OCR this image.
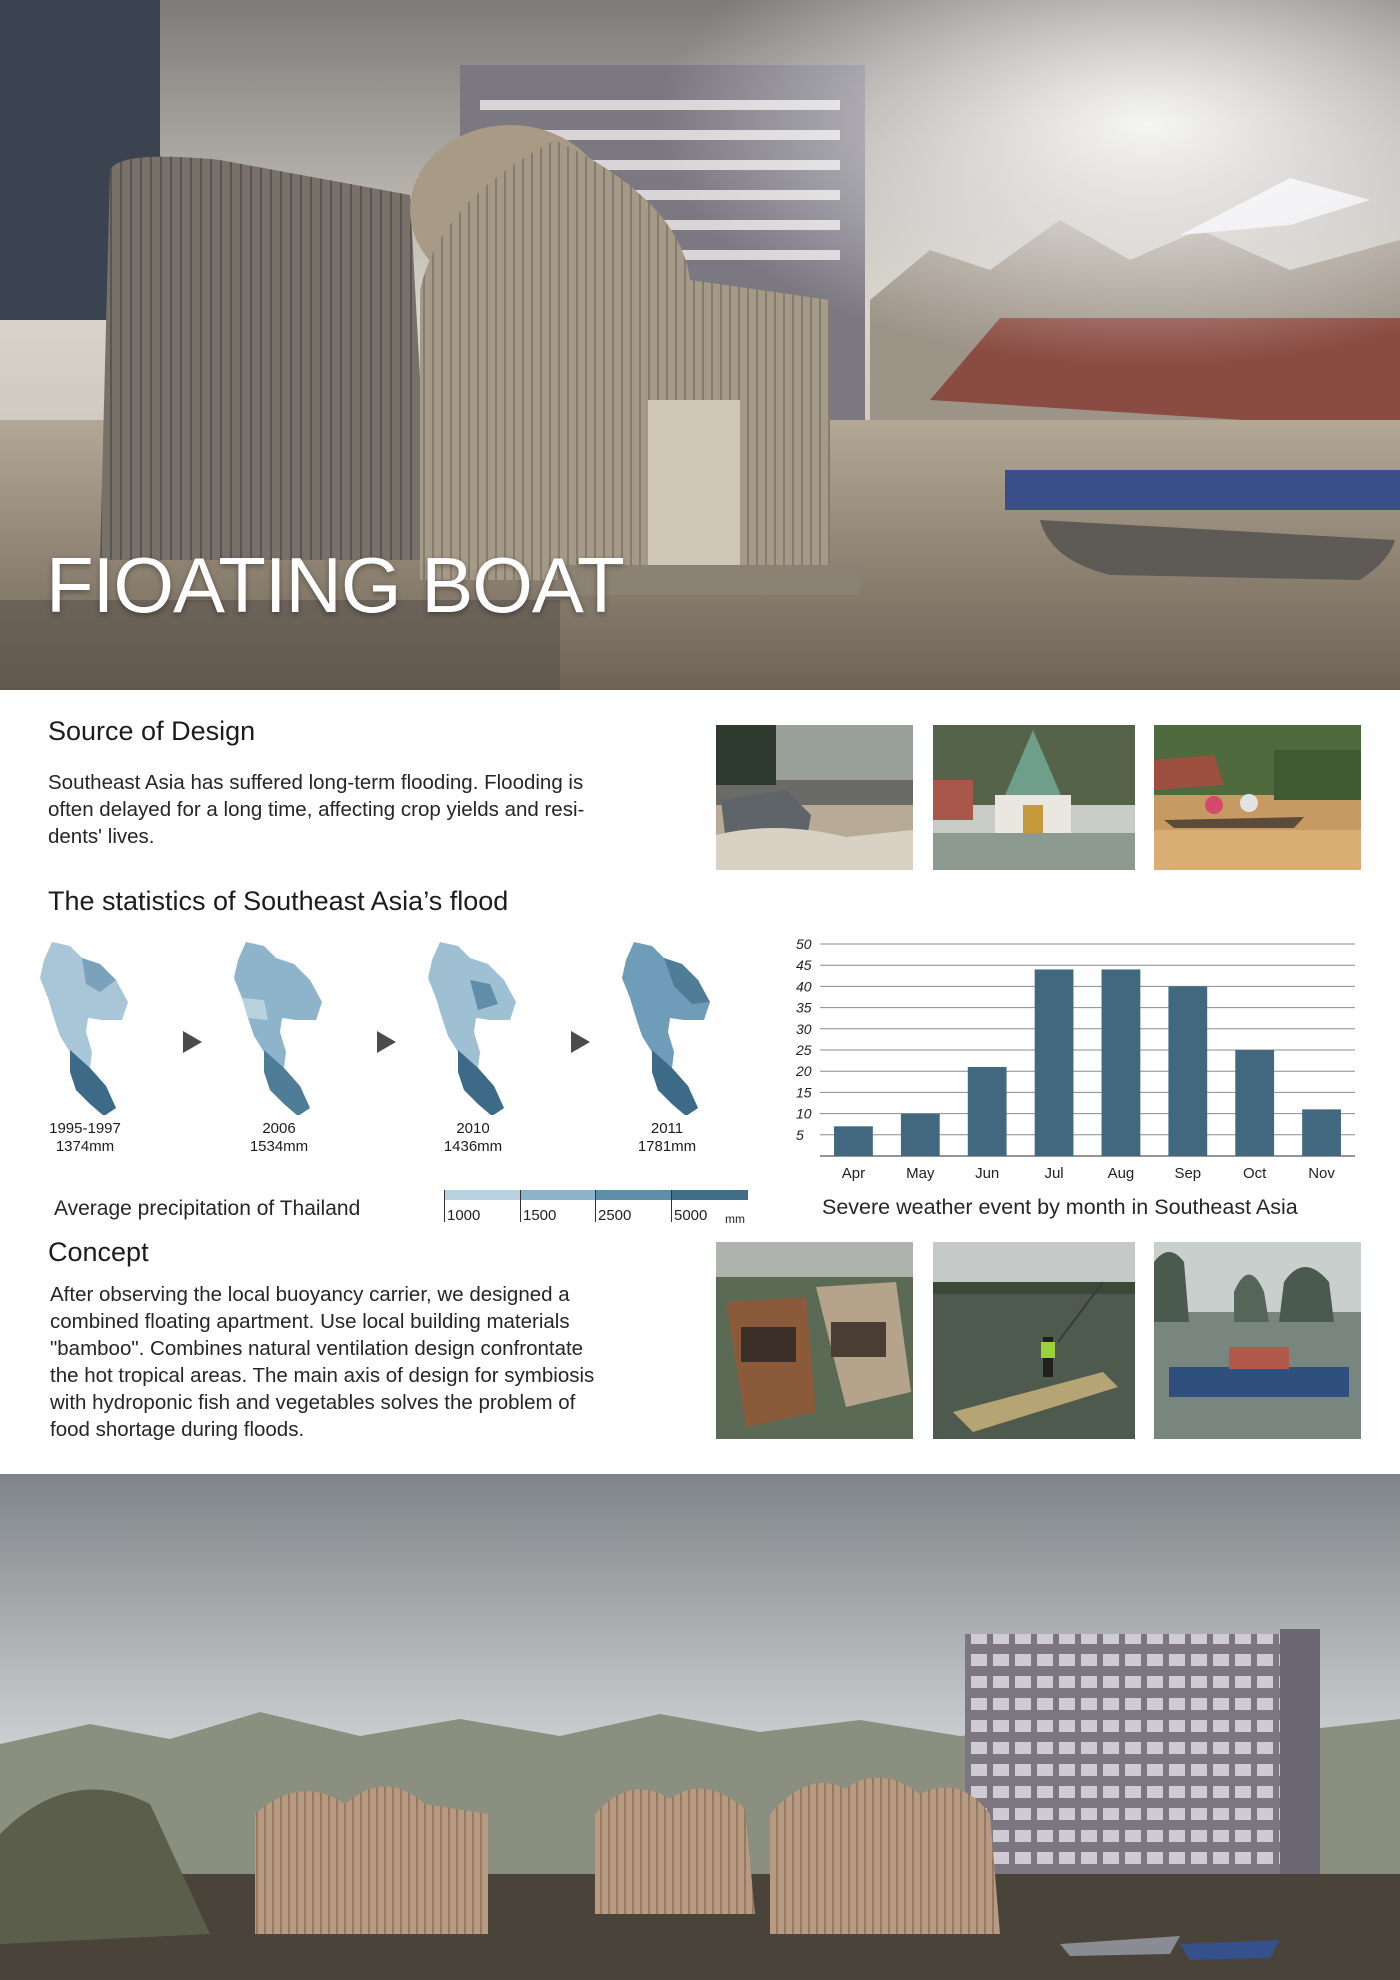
FIOATING BOAT
Source of Design
Southeast Asia has suffered long-term flooding. Flooding is
often delayed for a long time, affecting crop yields and resi-
dents' lives.
The statistics of Southeast Asia’s flood
1995-1997
1374mm
2006
1534mm
2010
1436mm
2011
1781mm
Average precipitation of Thailand	1000	1500	2500	5000 mm
5
10
15
20
25
30
35
40
45
50
Apr	May	Jun	Jul	Aug	Sep	Oct	Nov
Severe weather event by month in Southeast Asia
Concept
After observing the local buoyancy carrier, we designed a
combined floating apartment. Use local building materials
"bamboo". Combines natural ventilation design confrontate
the hot tropical areas. The main axis of design for symbiosis
with hydroponic fish and vegetables solves the problem of
food shortage during floods.
